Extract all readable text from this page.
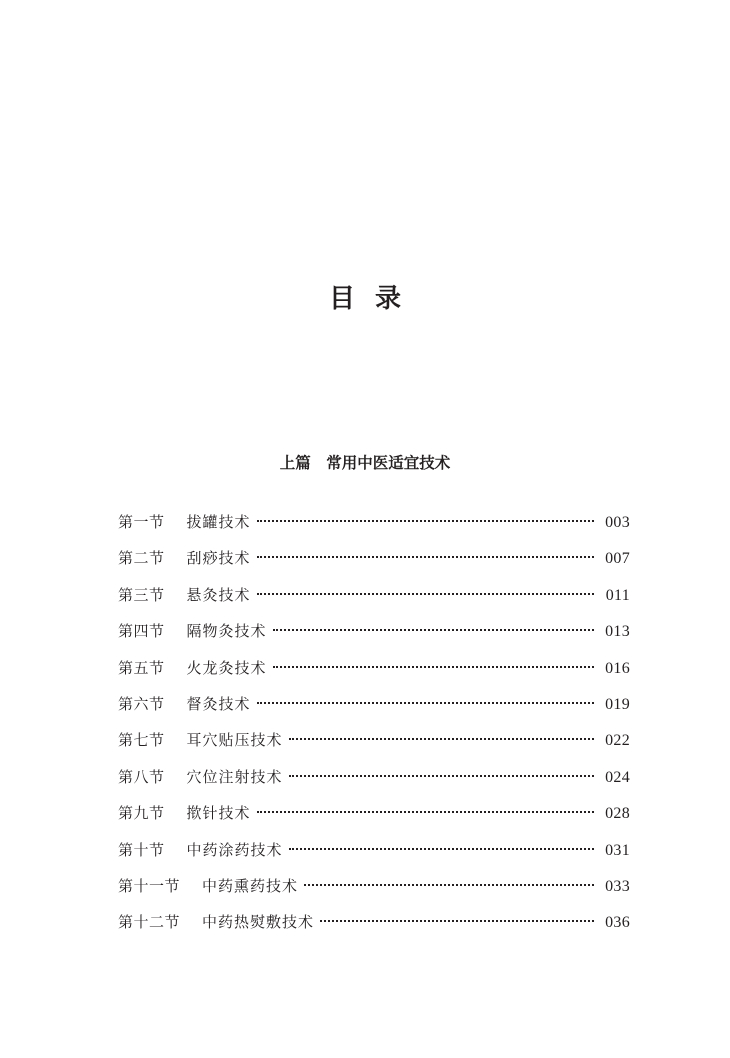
目录
上篇　常用中医适宜技术
第一节 拔罐技术	003
第二节 刮痧技术	007
第三节 悬灸技术	011
第四节 隔物灸技术	013
第五节 火龙灸技术	016
第六节 督灸技术	019
第七节 耳穴贴压技术	022
第八节 穴位注射技术	024
第九节 揿针技术	028
第十节 中药涂药技术	031
第十一节 中药熏药技术	033
第十二节 中药热熨敷技术	036
